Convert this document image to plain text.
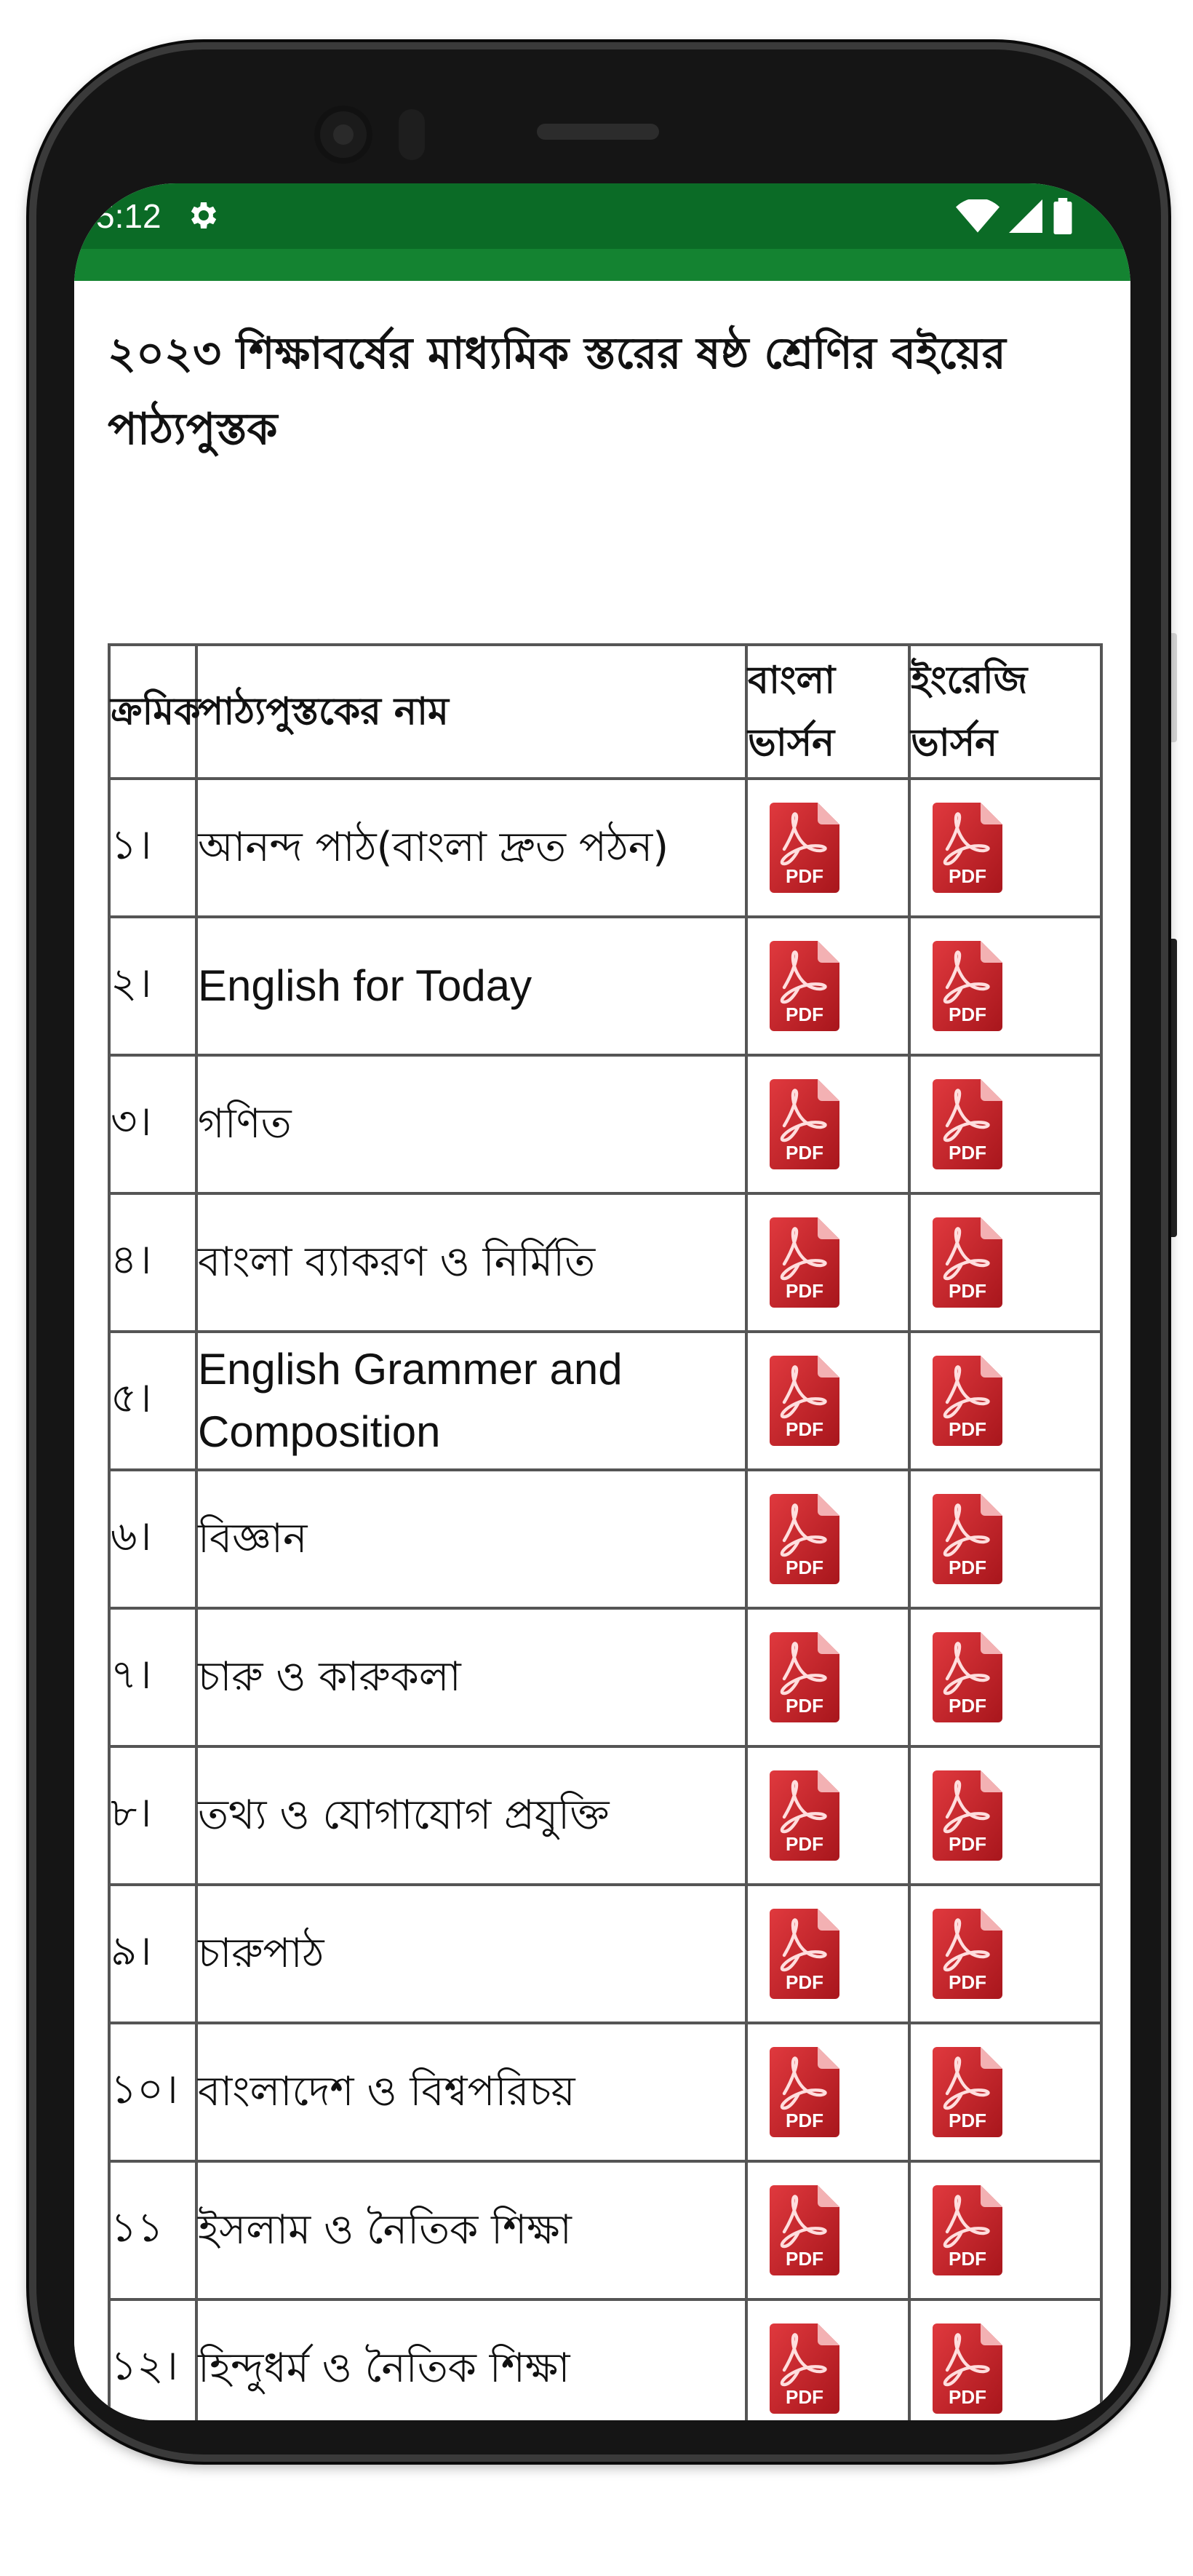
5:12
২০২৩ শিক্ষাবর্ষের মাধ্যমিক স্তরের ষষ্ঠ শ্রেণির বইয়ের পাঠ্যপুস্তক
ক্রমিক	পাঠ্যপুস্তকের নাম	বাংলা ভার্সন	ইংরেজি ভার্সন
১।	আনন্দ পাঠ(বাংলা দ্রুত পঠন)	PDF	PDF

২।	English for Today	PDF	PDF

৩।	গণিত	PDF	PDF

৪।	বাংলা ব্যাকরণ ও নির্মিতি	PDF	PDF

৫।	English Grammer and Composition	PDF	PDF

৬।	বিজ্ঞান	PDF	PDF

৭।	চারু ও কারুকলা	PDF	PDF

৮।	তথ্য ও যোগাযোগ প্রযুক্তি	PDF	PDF

৯।	চারুপাঠ	PDF	PDF

১০।	বাংলাদেশ ও বিশ্বপরিচয়	PDF	PDF

১১	ইসলাম ও নৈতিক শিক্ষা	PDF	PDF

১২।	হিন্দুধর্ম ও নৈতিক শিক্ষা	PDF	PDF
